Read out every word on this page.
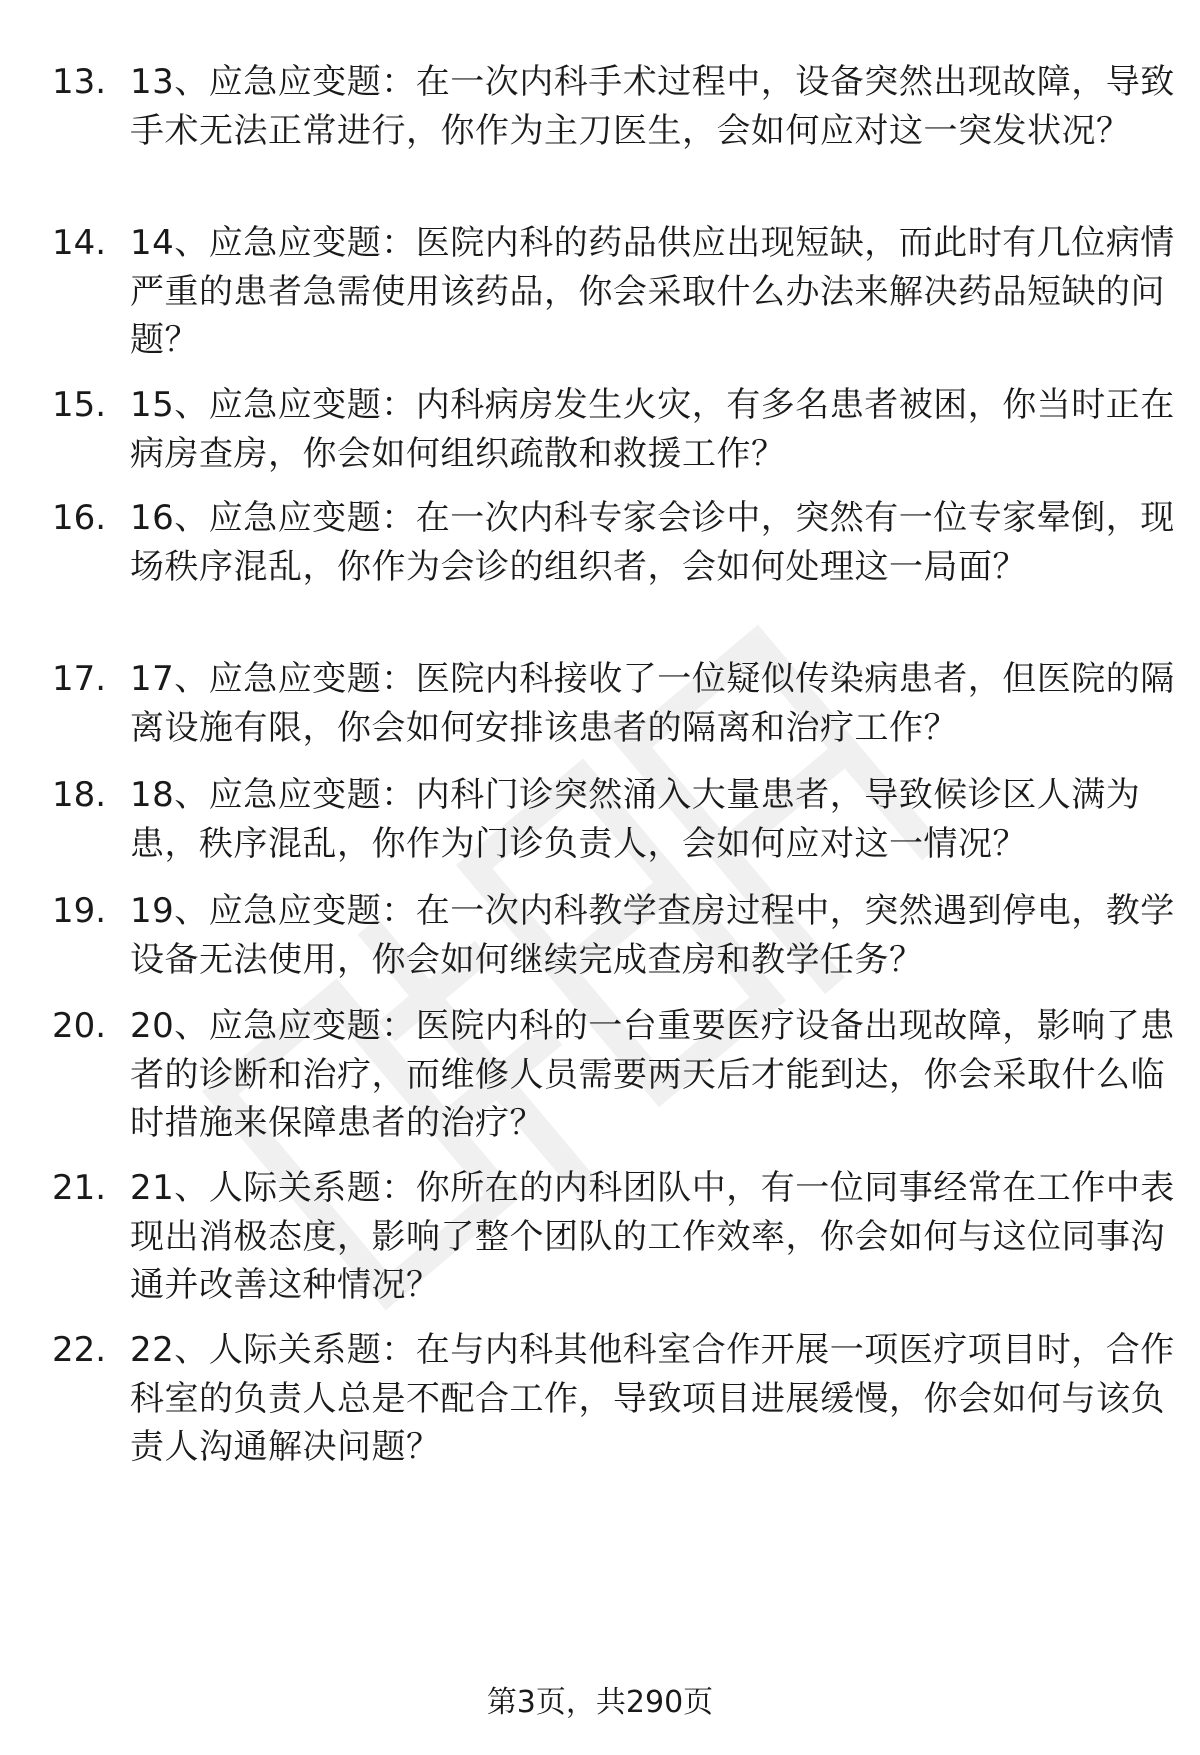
13. 13、应急应变题：在一次内科手术过程中，设备突然出现故障，导致手术无法正常进行，你作为主刀医生，会如何应对这一突发状况？
14. 14、应急应变题：医院内科的药品供应出现短缺，而此时有几位病情严重的患者急需使用该药品，你会采取什么办法来解决药品短缺的问题？
15. 15、应急应变题：内科病房发生火灾，有多名患者被困，你当时正在病房查房，你会如何组织疏散和救援工作？
16. 16、应急应变题：在一次内科专家会诊中，突然有一位专家晕倒，现场秩序混乱，你作为会诊的组织者，会如何处理这一局面？
17. 17、应急应变题：医院内科接收了一位疑似传染病患者，但医院的隔离设施有限，你会如何安排该患者的隔离和治疗工作？
18. 18、应急应变题：内科门诊突然涌入大量患者，导致候诊区人满为患，秩序混乱，你作为门诊负责人，会如何应对这一情况？
19. 19、应急应变题：在一次内科教学查房过程中，突然遇到停电，教学设备无法使用，你会如何继续完成查房和教学任务？
20. 20、应急应变题：医院内科的一台重要医疗设备出现故障，影响了患者的诊断和治疗，而维修人员需要两天后才能到达，你会采取什么临时措施来保障患者的治疗？
21. 21、人际关系题：你所在的内科团队中，有一位同事经常在工作中表现出消极态度，影响了整个团队的工作效率，你会如何与这位同事沟通并改善这种情况？
22. 22、人际关系题：在与内科其他科室合作开展一项医疗项目时，合作科室的负责人总是不配合工作，导致项目进展缓慢，你会如何与该负责人沟通解决问题？
第3页，共290页
